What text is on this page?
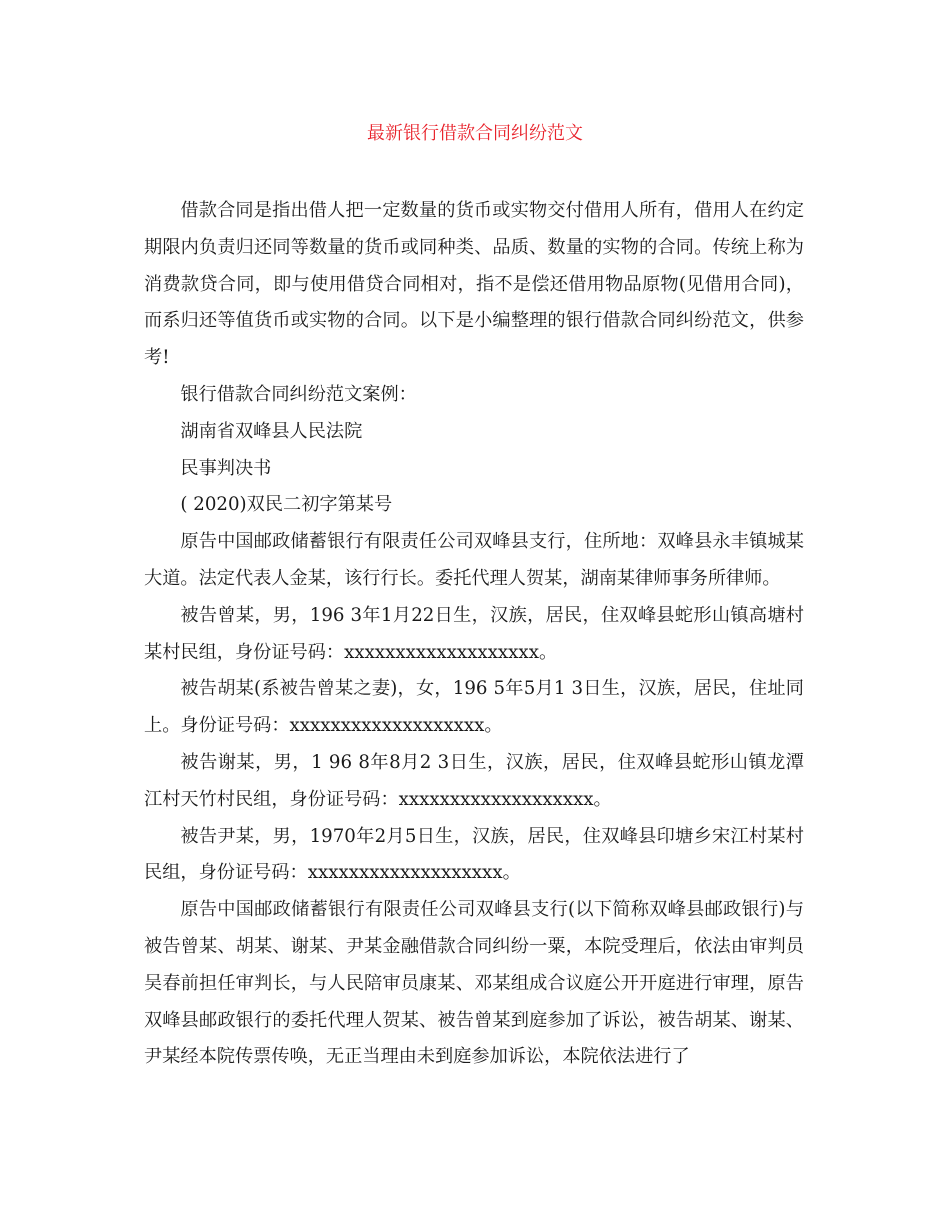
最新银行借款合同纠纷范文

借款合同是指出借人把一定数量的货币或实物交付借用人所有，借用人在约定期限内负责归还同等数量的货币或同种类、品质、数量的实物的合同。传统上称为消费款贷合同，即与使用借贷合同相对，指不是偿还借用物品原物(见借用合同)，而系归还等值货币或实物的合同。以下是小编整理的银行借款合同纠纷范文，供参考!

银行借款合同纠纷范文案例：

湖南省双峰县人民法院

民事判决书

( 2020)双民二初字第某号

原告中国邮政储蓄银行有限责任公司双峰县支行，住所地：双峰县永丰镇城某大道。法定代表人金某，该行行长。委托代理人贺某，湖南某律师事务所律师。

被告曾某，男，196 3年1月22日生，汉族，居民，住双峰县蛇形山镇高塘村某村民组，身份证号码：xxxxxxxxxxxxxxxxxxx。

被告胡某(系被告曾某之妻)，女，196 5年5月1 3日生，汉族，居民，住址同上。身份证号码：xxxxxxxxxxxxxxxxxxx。

被告谢某，男，1 96 8年8月2 3日生，汉族，居民，住双峰县蛇形山镇龙潭江村天竹村民组，身份证号码：xxxxxxxxxxxxxxxxxxx。

被告尹某，男，1970年2月5日生，汉族，居民，住双峰县印塘乡宋江村某村民组，身份证号码：xxxxxxxxxxxxxxxxxxx。

原告中国邮政储蓄银行有限责任公司双峰县支行(以下简称双峰县邮政银行)与被告曾某、胡某、谢某、尹某金融借款合同纠纷一粟，本院受理后，依法由审判员吴春前担任审判长，与人民陪审员康某、邓某组成合议庭公开开庭进行审理，原告双峰县邮政银行的委托代理人贺某、被告曾某到庭参加了诉讼，被告胡某、谢某、尹某经本院传票传唤，无正当理由未到庭参加诉讼，本院依法进行了
